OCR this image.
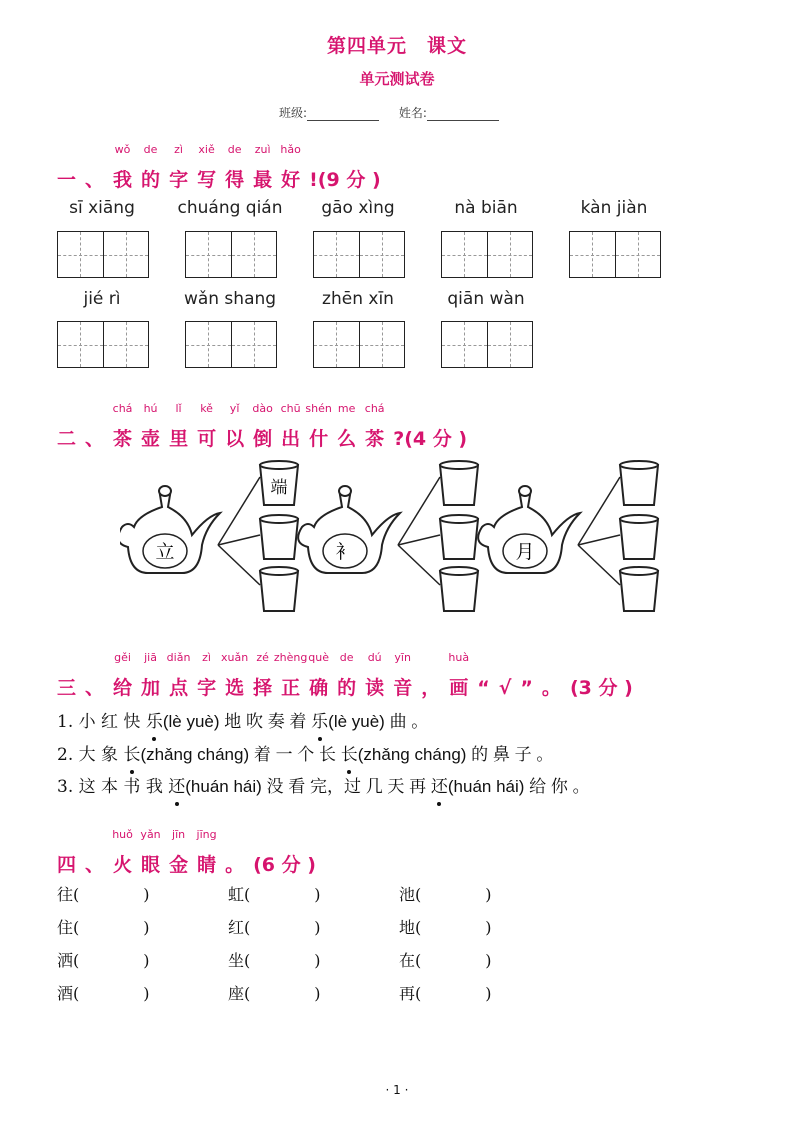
第四单元　课文
单元测试卷
班级:	姓名:
一 、
wǒ
我
de
的
zì
字
xiě
写
de
得
zuì
最
hǎo
好 !(9 分 )
sī xiāng	chuáng qián	gāo xìng	nà biān	kàn jiàn
jié rì	wǎn shang	zhēn xīn	qiān wàn
二 、
chá
茶
hú
壶
lǐ
里
kě
可
yǐ
以
dào
倒
chū
出
shén
什
me
么
chá
茶 ?(4 分 )
立
端
衤	月
三 、
gěi
给
jiā
加
diǎn
点
zì
字
xuǎn
选
zé
择
zhèng
正
què
确
de
的
dú
读
yīn
音 ，
huà
画 “ √ ” 。 (3 分 )
1. 小 红 快 乐(lè yuè) 地 吹 奏 着 乐(lè yuè) 曲 。
2. 大 象 长(zhǎng cháng) 着 一 个 长 长(zhǎng cháng) 的 鼻 子 。
3. 这 本 书 我 还(huán hái) 没 看 完，过 几 天 再 还(huán hái) 给 你 。
四 、
huǒ
火
yǎn
眼
jīn
金
jīng
睛 。 (6 分 )
往(	)	虹(	)	池(	)
住(	)	红(	)	地(	)
洒(	)	坐(	)	在(	)
酒(	)	座(	)	再(	)
· 1 ·
